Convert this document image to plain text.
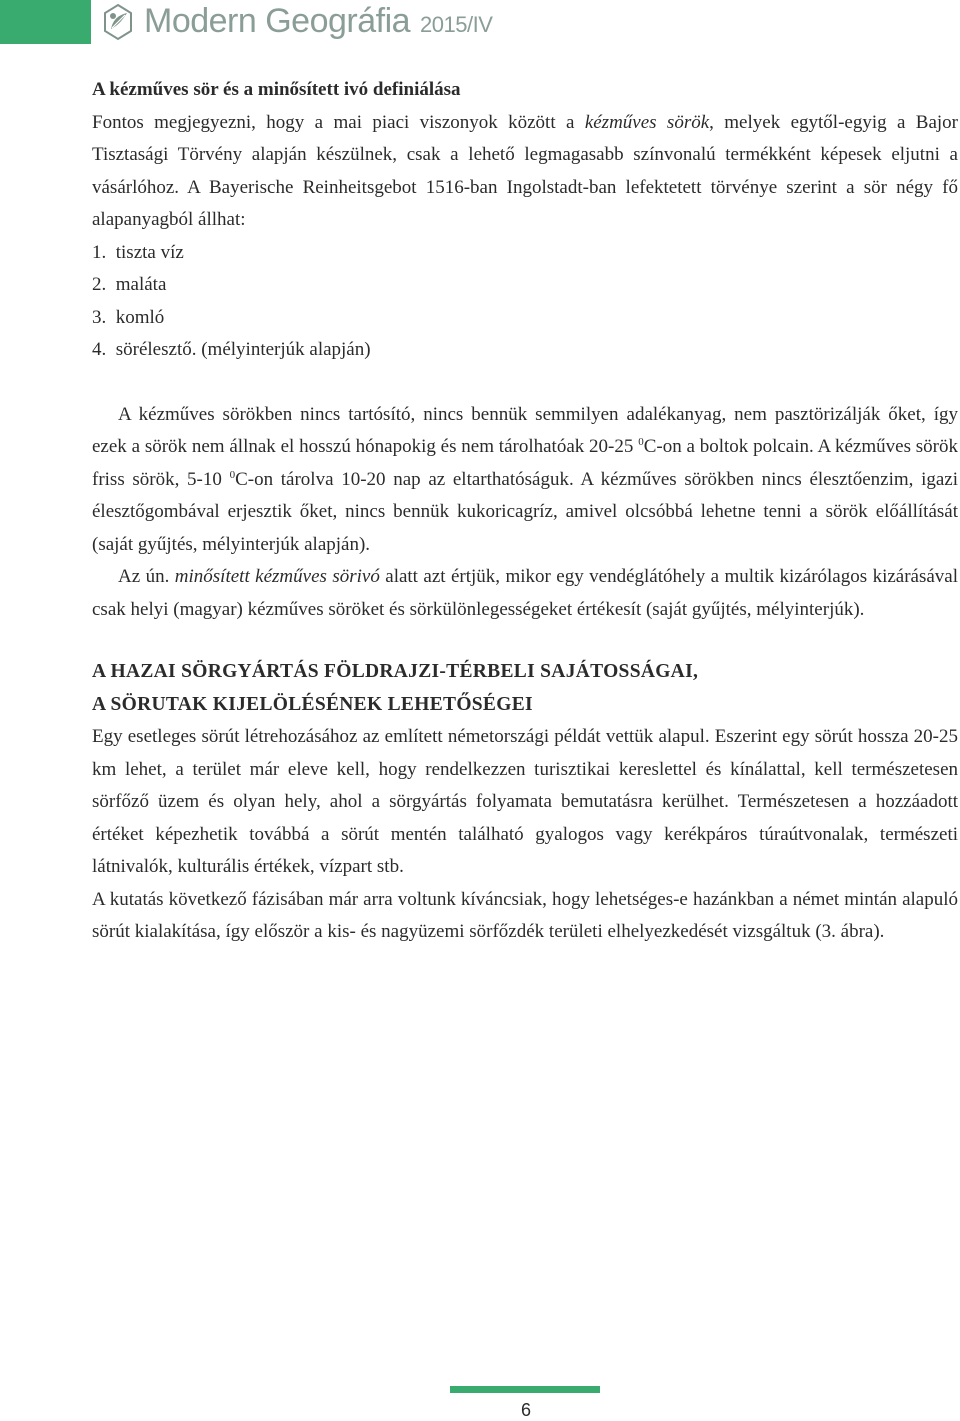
Modern Geográfia 2015/IV

A kézműves sör és a minősített ivó definiálása

Fontos megjegyezni, hogy a mai piaci viszonyok között a kézműves sörök, melyek egytől-egyig a Bajor Tisztasági Törvény alapján készülnek, csak a lehető legmagasabb színvonalú termékként képesek eljutni a vásárlóhoz. A Bayerische Reinheitsgebot 1516-ban Ingolstadt-ban lefektetett törvénye szerint a sör négy fő alapanyagból állhat:

1.  tiszta víz

2.  maláta

3.  komló

4.  sörélesztő. (mélyinterjúk alapján)

A kézműves sörökben nincs tartósító, nincs bennük semmilyen adalékanyag, nem pasztörizálják őket, így ezek a sörök nem állnak el hosszú hónapokig és nem tárolhatóak 20-25 $^0$C-on a boltok polcain. A kézműves sörök friss sörök, 5-10 $^0$C-on tárolva 10-20 nap az eltarthatóságuk. A kézműves sörökben nincs élesztőenzim, igazi élesztőgombával erjesztik őket, nincs bennük kukoricagríz, amivel olcsóbbá lehetne tenni a sörök előállítását (saját gyűjtés, mélyinterjúk alapján).

Az ún. minősített kézműves sörivó alatt azt értjük, mikor egy vendéglátóhely a multik kizárólagos kizárásával csak helyi (magyar) kézműves söröket és sörkülönlegességeket értékesít (saját gyűjtés, mélyinterjúk).

A HAZAI SÖRGYÁRTÁS FÖLDRAJZI-TÉRBELI SAJÁTOSSÁGAI,

A SÖRUTAK KIJELÖLÉSÉNEK LEHETŐSÉGEI

Egy esetleges sörút létrehozásához az említett németországi példát vettük alapul. Eszerint egy sörút hossza 20-25 km lehet, a terület már eleve kell, hogy rendelkezzen turisztikai kereslettel és kínálattal, kell természetesen sörfőző üzem és olyan hely, ahol a sörgyártás folyamata bemutatásra kerülhet. Természetesen a hozzáadott értéket képezhetik továbbá a sörút mentén található gyalogos vagy kerékpáros túraútvonalak, természeti látnivalók, kulturális értékek, vízpart stb.

A kutatás következő fázisában már arra voltunk kíváncsiak, hogy lehetséges-e hazánkban a német mintán alapuló sörút kialakítása, így először a kis- és nagyüzemi sörfőzdék területi elhelyezkedését vizsgáltuk (3. ábra).

6
